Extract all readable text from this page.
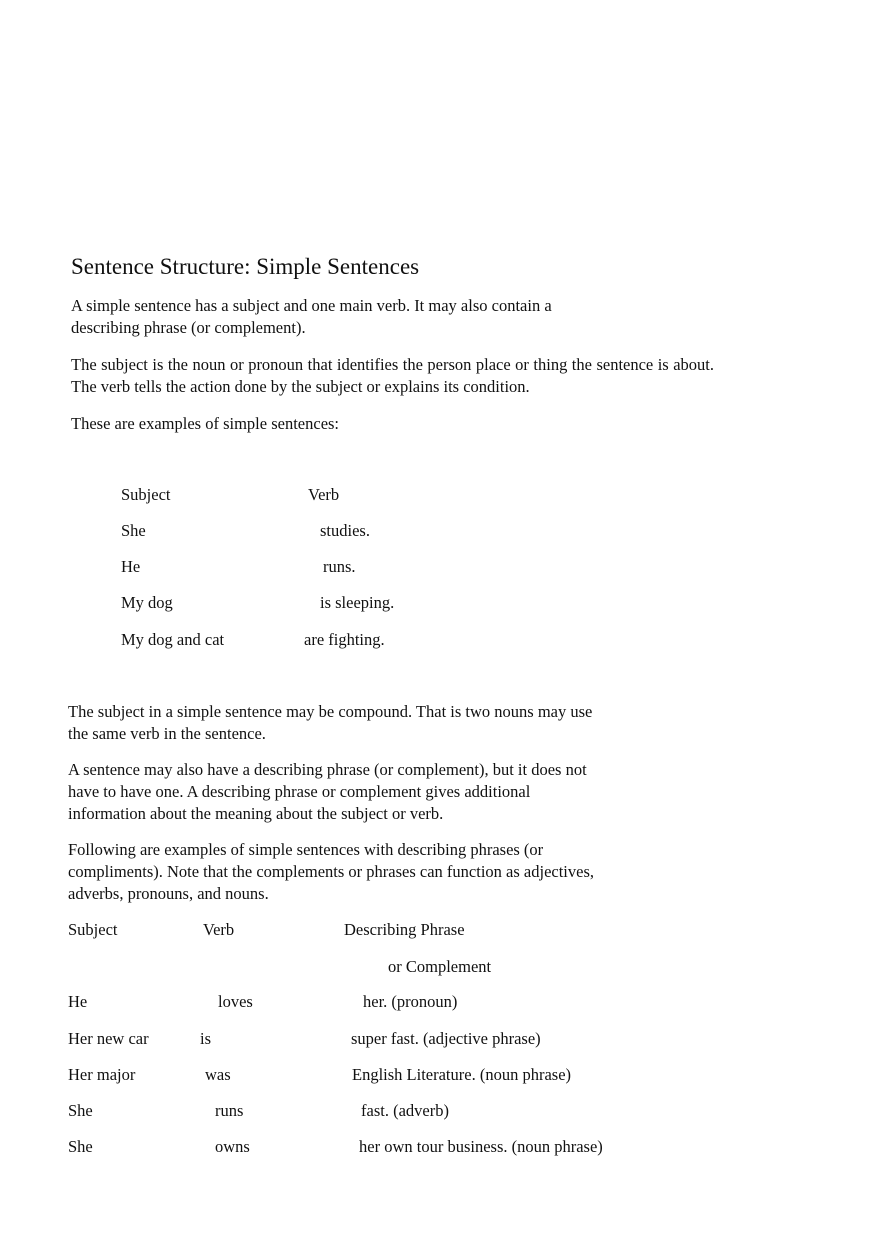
Sentence Structure: Simple Sentences

A simple sentence has a subject and one main verb. It may also contain a

describing phrase (or complement).

The subject is the noun or pronoun that identifies the person place or thing the sentence is about. The verb tells the action done by the subject or explains its condition.

These are examples of simple sentences:

Subject	Verb
She	studies.
He	runs.
My dog	is sleeping.
My dog and cat	are fighting.

The subject in a simple sentence may be compound. That is two nouns may use

the same verb in the sentence.

A sentence may also have a describing phrase (or complement), but it does not

have to have one. A describing phrase or complement gives additional

information about the meaning about the subject or verb.

Following are examples of simple sentences with describing phrases (or

compliments). Note that the complements or phrases can function as adjectives,

adverbs, pronouns, and nouns.

Subject	Verb	Describing Phrase
or Complement
He	loves	her. (pronoun)
Her new car	is	super fast. (adjective phrase)
Her major	was	English Literature. (noun phrase)
She	runs	fast. (adverb)
She	owns	her own tour business. (noun phrase)
